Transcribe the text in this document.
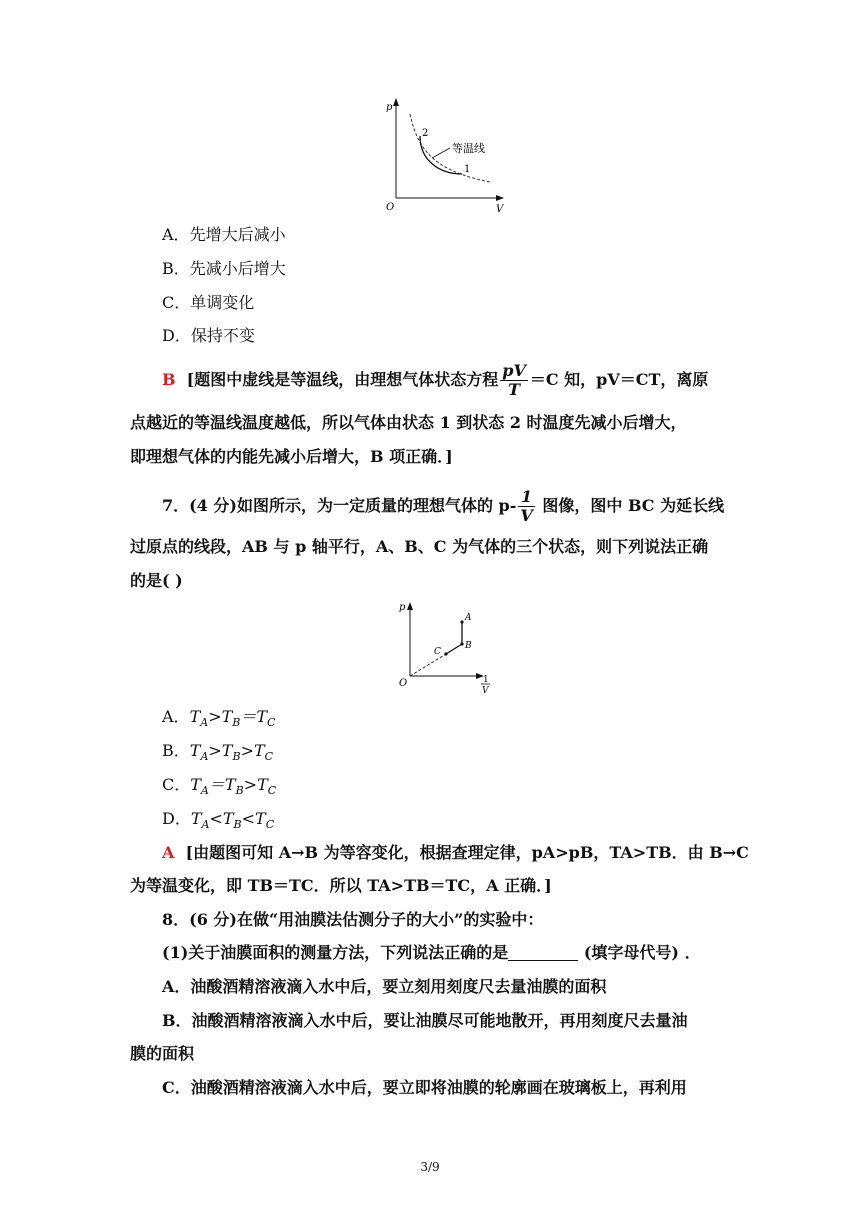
p
O	V
2
1
等温线
A．先增大后减小
B．先减小后增大
C．单调变化
D．保持不变
B [题图中虚线是等温线，由理想气体状态方程 $\frac{pV}{T} =C$ 知，pV＝CT，离原
点越近的等温线温度越低，所以气体由状态 1 到状态 2 时温度先减小后增大，
即理想气体的内能先减小后增大，B 项正确．]
7．(4 分)如图所示，为一定质量的理想气体的 $p- \frac{1}{V}$ 图像，图中 BC 为延长线
过原点的线段，AB 与 p 轴平行，A、B、C 为气体的三个状态，则下列说法正确
的是( )
p
O
A
B
C
1
V
A．$T_A>T_B=T_C$
B．$T_A>T_B>T_C$
C．$T_A=T_B>T_C$
D．$T_A<T_B<T_C$
A [由题图可知 A→B 为等容变化，根据查理定律，pA>pB，TA>TB．由 B→C
为等温变化，即 TB＝TC．所以 TA>TB＝TC，A 正确．]
8．(6 分)在做“用油膜法估测分子的大小”的实验中：
(1)关于油膜面积的测量方法，下列说法正确的是	(填字母代号) ．
A．油酸酒精溶液滴入水中后，要立刻用刻度尺去量油膜的面积
B．油酸酒精溶液滴入水中后，要让油膜尽可能地散开，再用刻度尺去量油
膜的面积
C．油酸酒精溶液滴入水中后，要立即将油膜的轮廓画在玻璃板上，再利用
3/9
